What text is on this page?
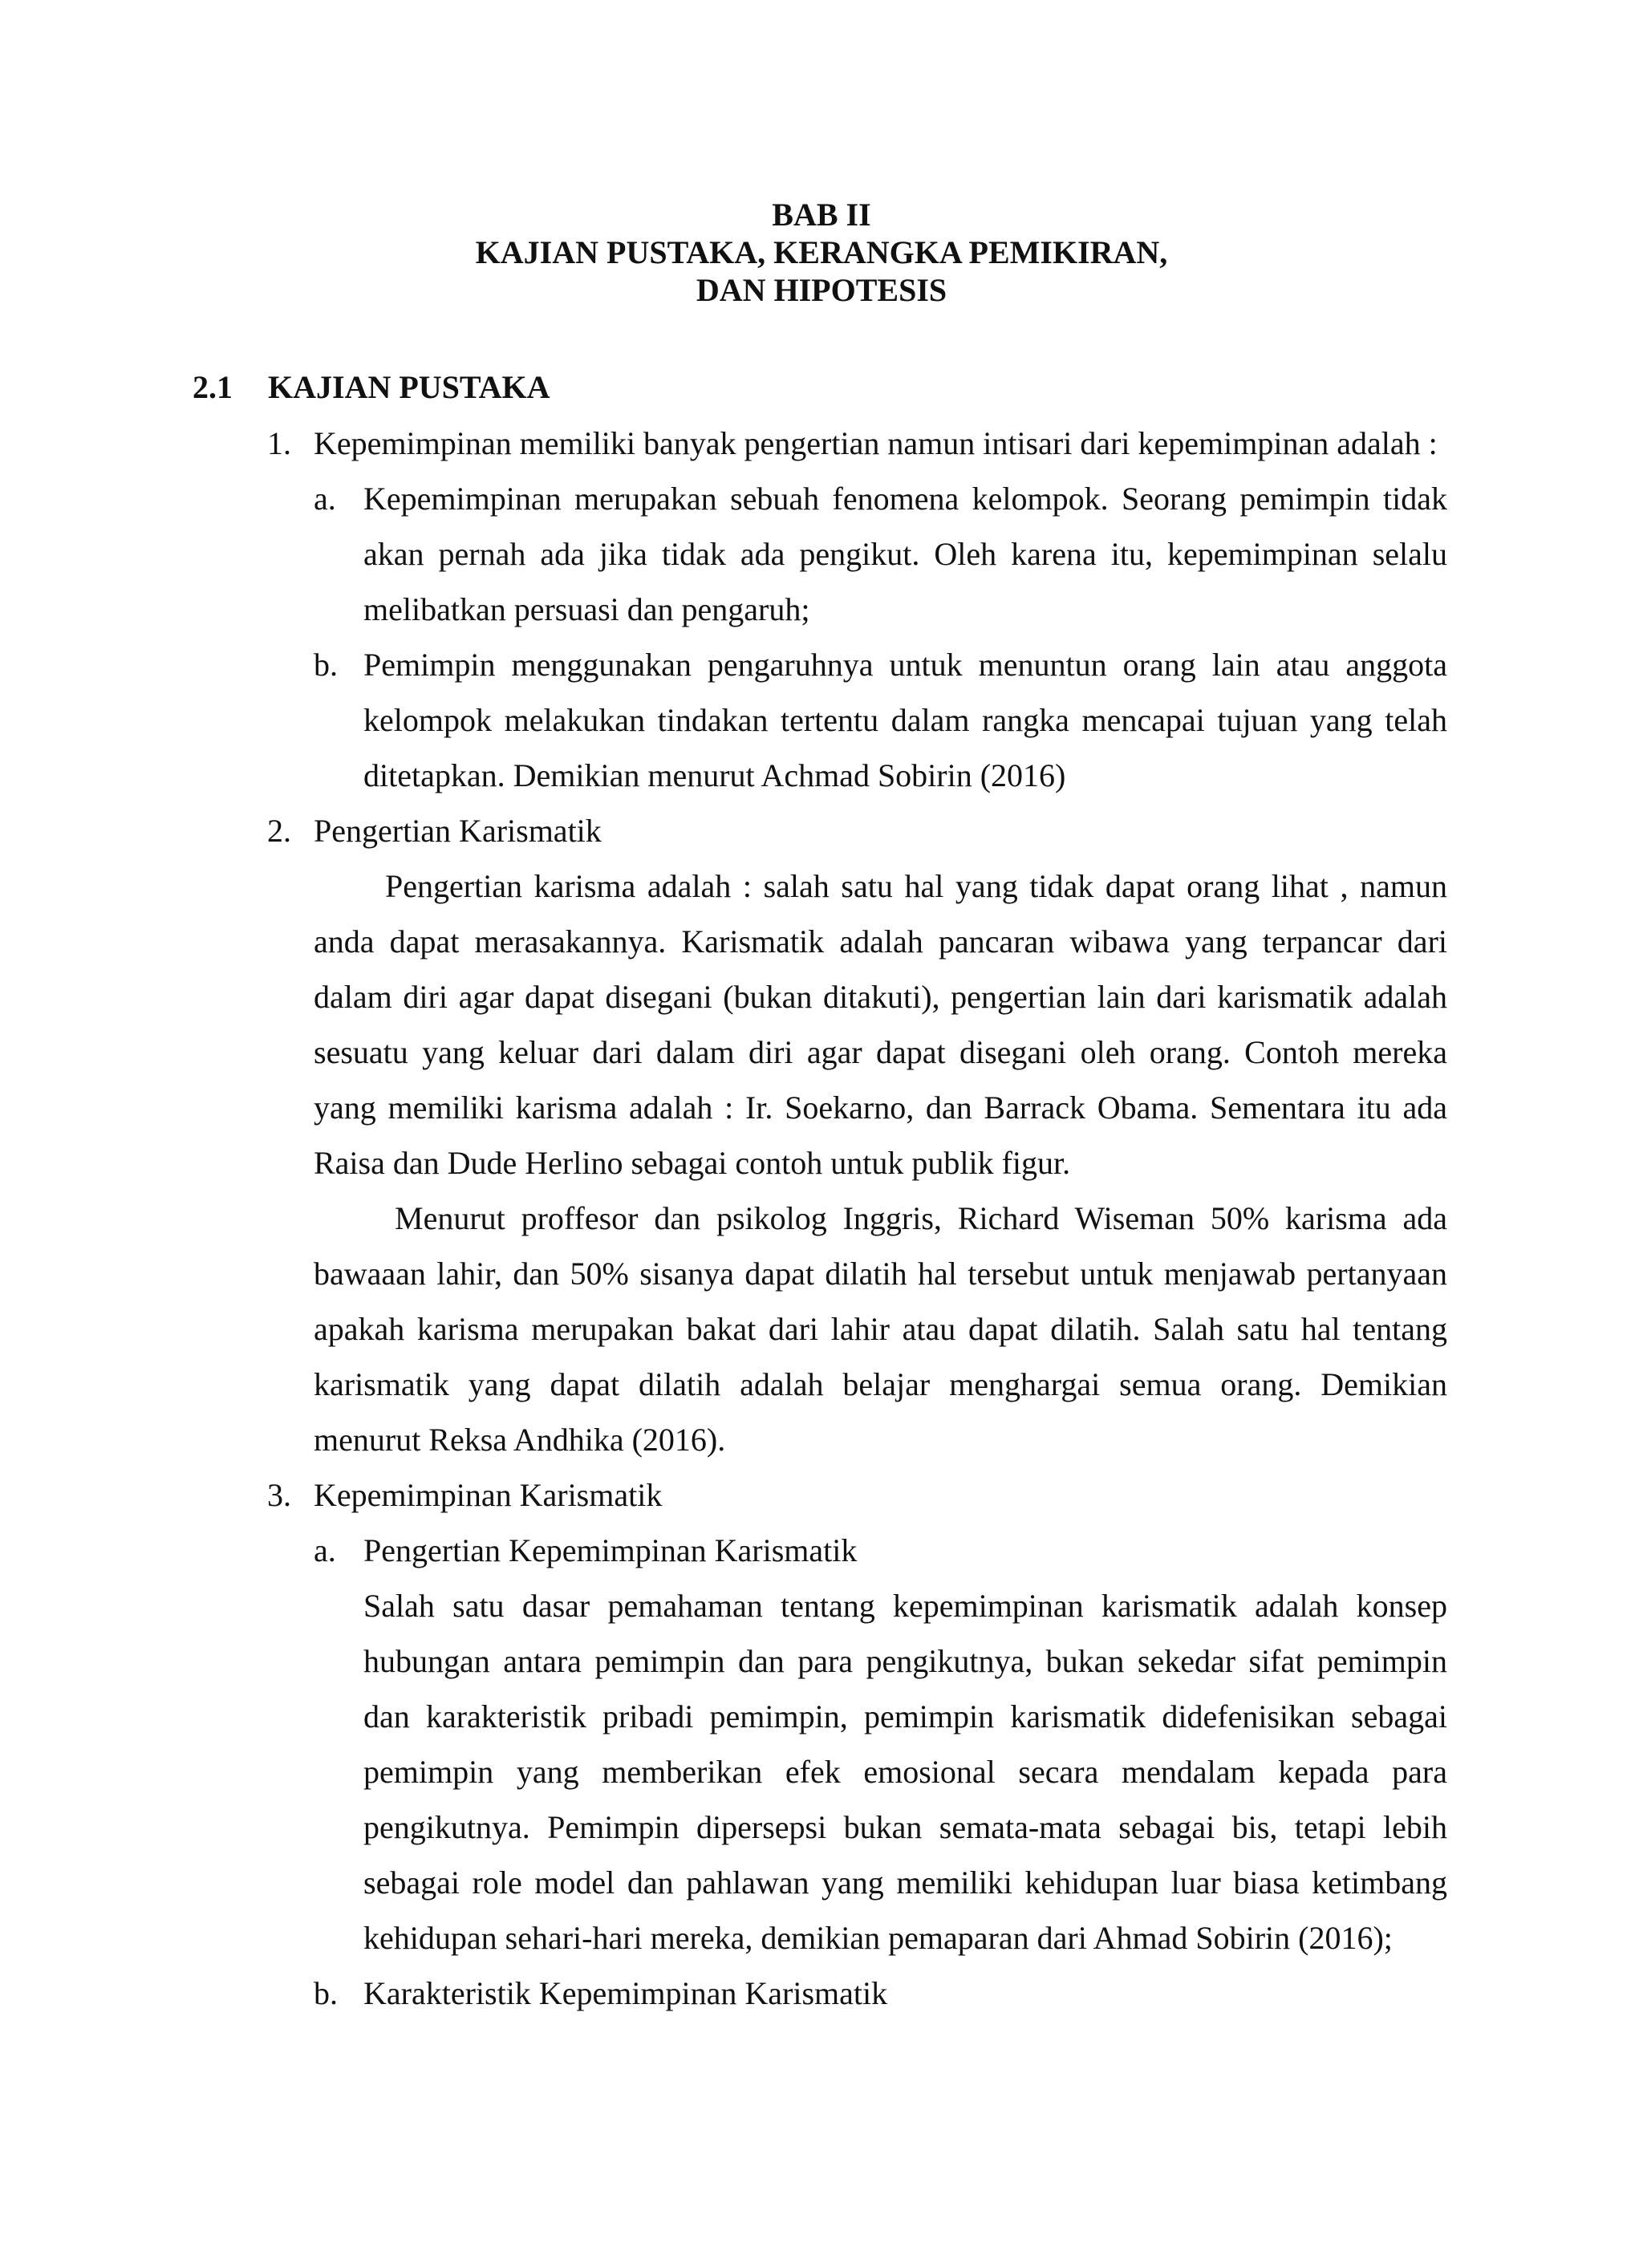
BAB II
KAJIAN PUSTAKA, KERANGKA PEMIKIRAN,
DAN HIPOTESIS
2.1 KAJIAN PUSTAKA
1. Kepemimpinan memiliki banyak pengertian namun intisari dari kepemimpinan adalah :
a. Kepemimpinan merupakan sebuah fenomena kelompok. Seorang pemimpin tidak
akan pernah ada jika tidak ada pengikut. Oleh karena itu, kepemimpinan selalu
melibatkan persuasi dan pengaruh;
b. Pemimpin menggunakan pengaruhnya untuk menuntun orang lain atau anggota
kelompok melakukan tindakan tertentu dalam rangka mencapai tujuan yang telah
ditetapkan. Demikian menurut Achmad Sobirin (2016)
2. Pengertian Karismatik
Pengertian karisma adalah : salah satu hal yang tidak dapat orang lihat , namun
anda dapat merasakannya. Karismatik adalah pancaran wibawa yang terpancar dari
dalam diri agar dapat disegani (bukan ditakuti), pengertian lain dari karismatik adalah
sesuatu yang keluar dari dalam diri agar dapat disegani oleh orang. Contoh mereka
yang memiliki karisma adalah : Ir. Soekarno, dan Barrack Obama. Sementara itu ada
Raisa dan Dude Herlino sebagai contoh untuk publik figur.
Menurut proffesor dan psikolog Inggris, Richard Wiseman 50% karisma ada
bawaaan lahir, dan 50% sisanya dapat dilatih hal tersebut untuk menjawab pertanyaan
apakah karisma merupakan bakat dari lahir atau dapat dilatih. Salah satu hal tentang
karismatik yang dapat dilatih adalah belajar menghargai semua orang. Demikian
menurut Reksa Andhika (2016).
3. Kepemimpinan Karismatik
a. Pengertian Kepemimpinan Karismatik
Salah satu dasar pemahaman tentang kepemimpinan karismatik adalah konsep
hubungan antara pemimpin dan para pengikutnya, bukan sekedar sifat pemimpin
dan karakteristik pribadi pemimpin, pemimpin karismatik didefenisikan sebagai
pemimpin yang memberikan efek emosional secara mendalam kepada para
pengikutnya. Pemimpin dipersepsi bukan semata-mata sebagai bis, tetapi lebih
sebagai role model dan pahlawan yang memiliki kehidupan luar biasa ketimbang
kehidupan sehari-hari mereka, demikian pemaparan dari Ahmad Sobirin (2016);
b. Karakteristik Kepemimpinan Karismatik
